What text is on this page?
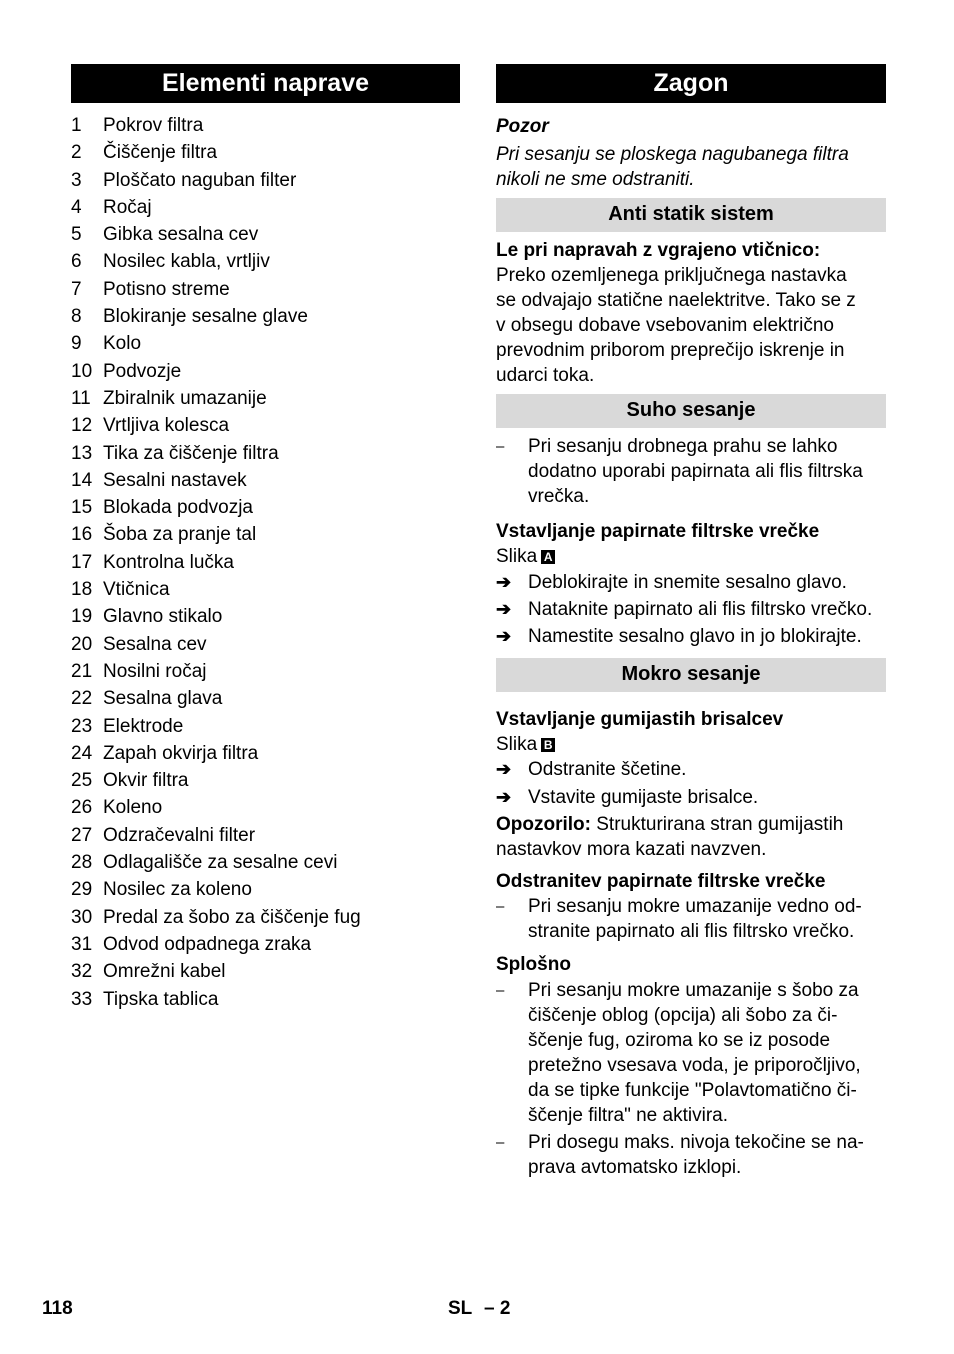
Elementi naprave
1 Pokrov filtra
2 Čiščenje filtra
3 Ploščato naguban filter
4 Ročaj
5 Gibka sesalna cev
6 Nosilec kabla, vrtljiv
7 Potisno streme
8 Blokiranje sesalne glave
9 Kolo
10 Podvozje
11 Zbiralnik umazanije
12 Vrtljiva kolesca
13 Tika za čiščenje filtra
14 Sesalni nastavek
15 Blokada podvozja
16 Šoba za pranje tal
17 Kontrolna lučka
18 Vtičnica
19 Glavno stikalo
20 Sesalna cev
21 Nosilni ročaj
22 Sesalna glava
23 Elektrode
24 Zapah okvirja filtra
25 Okvir filtra
26 Koleno
27 Odzračevalni filter
28 Odlagališče za sesalne cevi
29 Nosilec za koleno
30 Predal za šobo za čiščenje fug
31 Odvod odpadnega zraka
32 Omrežni kabel
33 Tipska tablica
Zagon

Pozor

Pri sesanju se ploskega nagubanega filtra

nikoli ne sme odstraniti.

Anti statik sistem

Le pri napravah z vgrajeno vtičnico:

Preko ozemljenega priključnega nastavka

se odvajajo statične naelektritve. Tako se z

v obsegu dobave vsebovanim električno

prevodnim priborom preprečijo iskrenje in

udarci toka.

Suho sesanje
–	Pri sesanju drobnega prahu se lahko

dodatno uporabi papirnata ali flis filtrska

vrečka.

Vstavljanje papirnate filtrske vrečke

Slika A

➔ Deblokirajte in snemite sesalno glavo.
➔ Nataknite papirnato ali flis filtrsko vrečko.
➔ Namestite sesalno glavo in jo blokirajte.
Mokro sesanje

Vstavljanje gumijastih brisalcev

Slika B

➔ Odstranite ščetine.
➔ Vstavite gumijaste brisalce.

Opozorilo: Strukturirana stran gumijastih

nastavkov mora kazati navzven.

Odstranitev papirnate filtrske vrečke

–	Pri sesanju mokre umazanije vedno od-

stranite papirnato ali flis filtrsko vrečko.

Splošno

–	Pri sesanju mokre umazanije s šobo za

čiščenje oblog (opcija) ali šobo za či-

ščenje fug, oziroma ko se iz posode

pretežno vsesava voda, je priporočljivo,

da se tipke funkcije "Polavtomatično či-

ščenje filtra" ne aktivira.

–	Pri dosegu maks. nivoja tekočine se na-

prava avtomatsko izklopi.

118	SL – 2
